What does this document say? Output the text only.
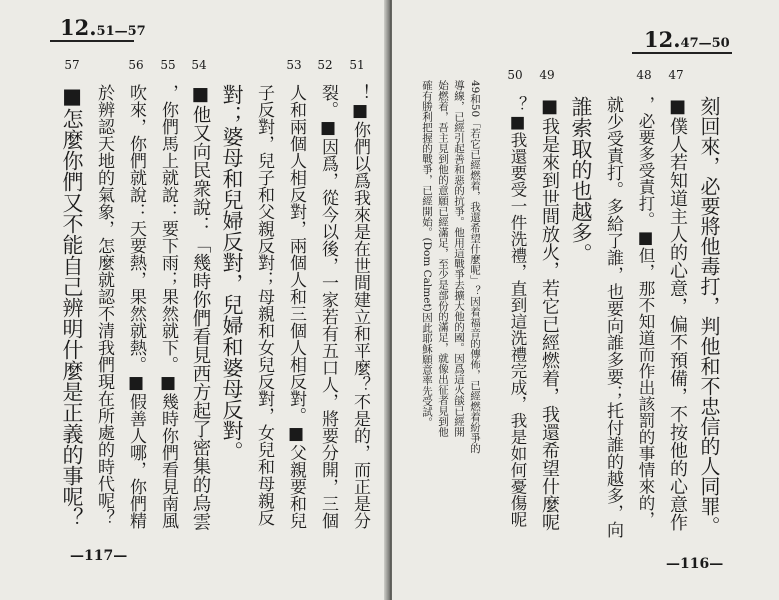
12.51—57
57	56	55	54	53	52	51
■怎麼你們又不能自己辨明什麼是正義的事呢？ 於辨認天地的氣象，怎麼就認不清我們現在所處的時代呢？ 吹來，你們就說：天要熱，果然就熱。■假善人哪，你們精 ，你們馬上就說：要下雨；果然就下。■幾時你們看見南風 ■他又向民衆說：「幾時你們看見西方起了密集的烏雲 對；婆母和兒婦反對，兒婦和婆母反對。 子反對，兒子和父親反對；母親和女兒反對，女兒和母親反 人和兩個人相反對，兩個人和三個人相反對。■父親要和兒 裂。■因爲，從今以後，一家若有五口人，將要分開，三個 ！■你們以爲我來是在世間建立和平麼？不是的，而正是分
—117—
12.47—50
50	49	48	47
確有勝利把握的戰爭，已經開始。(Dom Calmet)因此耶穌願意率先受試。 始燃着，吾主見到他的意願已經滿足，至少是部份的滿足，就像出征者見到他 導線，已經引起善和惡的抗爭。他用這戰爭去擴大他的國。因爲這火燄已經開 49和50「若它已經燃着，我還希望什麼呢」？因着福音的傳佈，已經燃着紛爭的	？■我還要受一件洗禮，直到這洗禮完成，我是如何憂傷呢 ■我是來到世間放火，若它已經燃着，我還希望什麼呢 誰索取的也越多。 就少受責打。多給了誰，也要向誰多要；托付誰的越多，向 ，必要多受責打。■但，那不知道而作出該罰的事情來的， ■僕人若知道主人的心意，偏不預備，不按他的心意作 刻回來，必要將他毒打，判他和不忠信的人同罪。
—116—
